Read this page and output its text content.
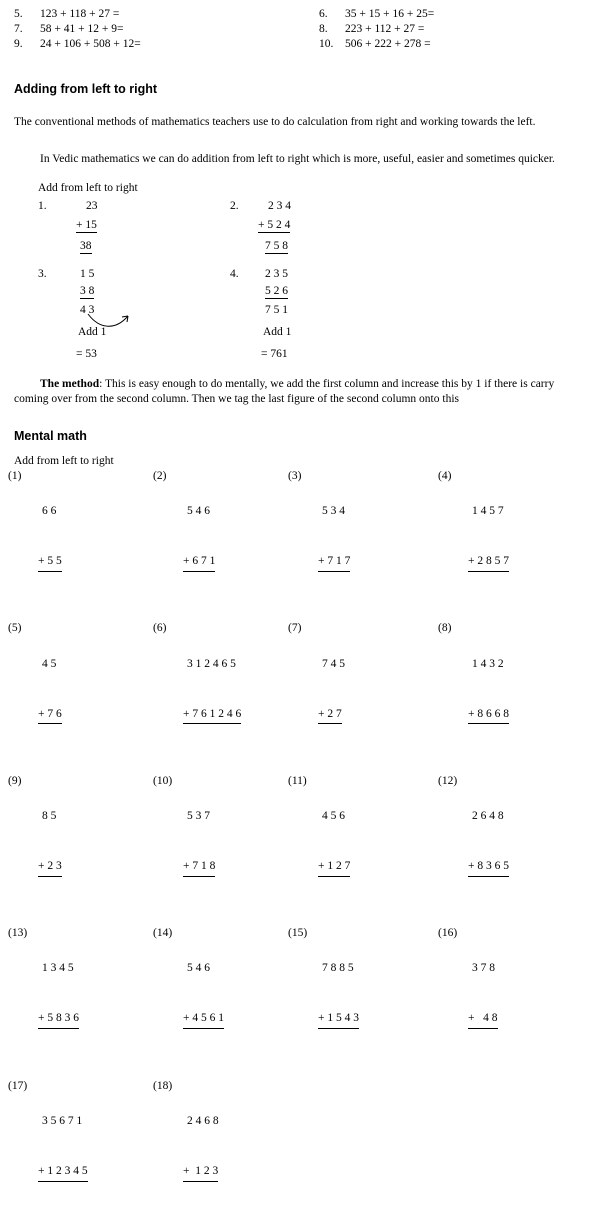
5.	123 + 118 + 27 =	6.	35 + 15 + 16 + 25=
7.	58 + 41 + 12 + 9=	8.	223 + 112 + 27 =
9.	24 + 106 + 508 + 12=	10.	506 + 222 + 278 =
Adding from left to right

The conventional methods of mathematics teachers use to do calculation from right and working towards the left.

In Vedic mathematics we can do addition from left to right which is more, useful, easier and sometimes quicker.

Add from left to right
1.	23
+ 15
38
2.	2 3 4
+ 5 2 4
7 5 8
3.	1 5
3 8
4 3
Add 1
= 53
4. 2 3 5
5 2 6
7 5 1
Add 1
= 761

The method: This is easy enough to do mentally, we add the first column and increase this by 1 if there is carry coming over from the second column. Then we tag the last figure of the second column onto this

Mental math
Add from left to right
(1)

6 6

+ 5 5

(2)

5 4 6

+ 6 7 1

(3)

5 3 4

+ 7 1 7

(4)

1 4 5 7

+ 2 8 5 7

(5)

4 5

+ 7 6

(6)

3 1 2 4 6 5

+ 7 6 1 2 4 6

(7)

7 4 5

+ 2 7

(8)

1 4 3 2

+ 8 6 6 8

(9)

8 5

+ 2 3

(10)

5 3 7

+ 7 1 8

(11)

4 5 6

+ 1 2 7

(12)

2 6 4 8

+ 8 3 6 5

(13)

1 3 4 5

+ 5 8 3 6

(14)

5 4 6

+ 4 5 6 1

(15)

7 8 8 5

+ 1 5 4 3

(16)

3 7 8

+   4 8

(17)

3 5 6 7 1

+ 1 2 3 4 5

(18)

2 4 6 8

+  1 2 3
